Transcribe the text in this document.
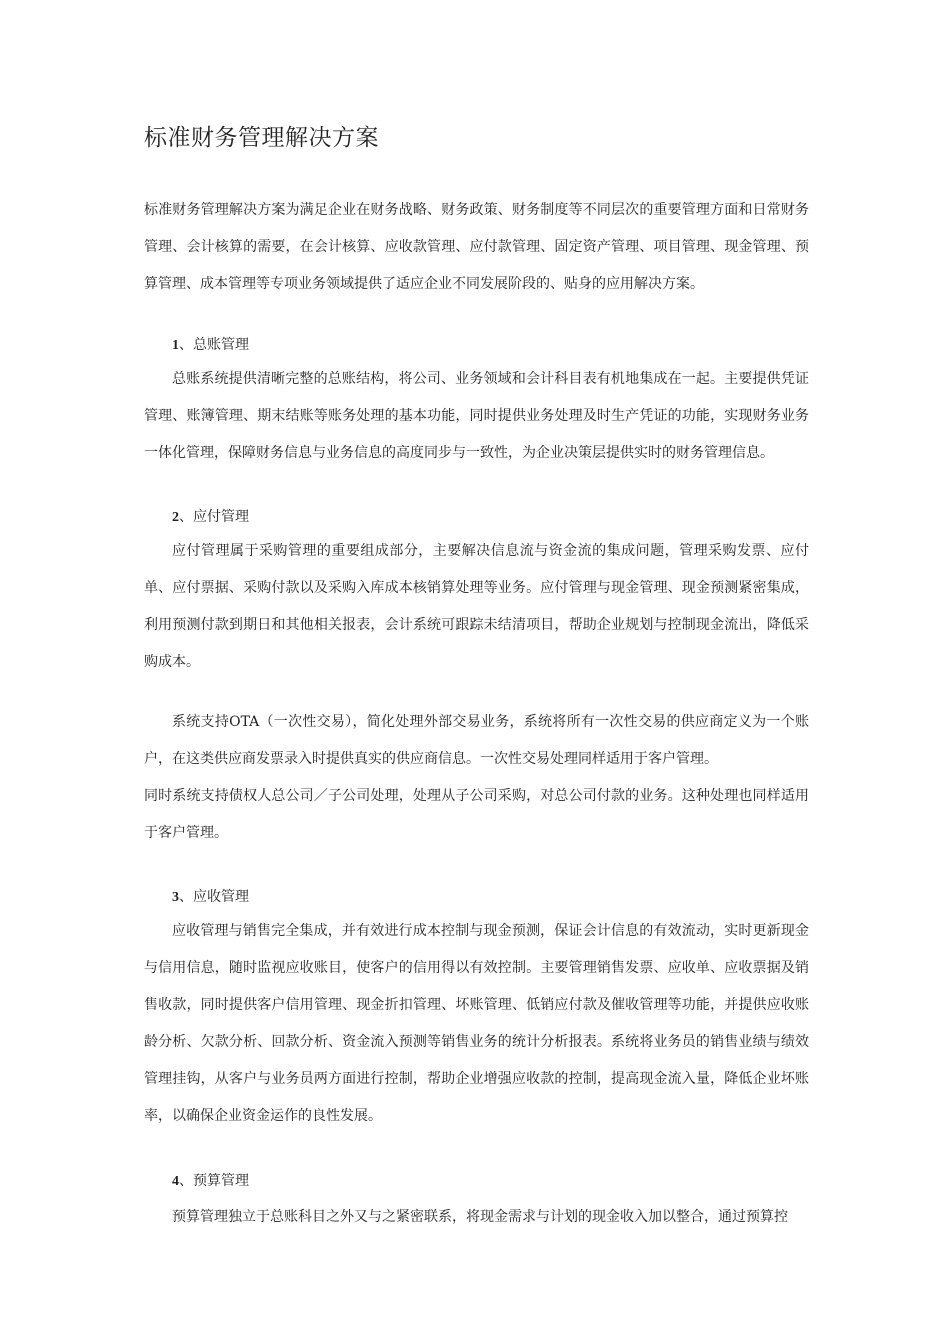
标准财务管理解决方案

标准财务管理解决方案为满足企业在财务战略、财务政策、财务制度等不同层次的重要管理方面和日常财务管理、会计核算的需要，在会计核算、应收款管理、应付款管理、固定资产管理、项目管理、现金管理、预算管理、成本管理等专项业务领域提供了适应企业不同发展阶段的、贴身的应用解决方案。

1、总账管理

总账系统提供清晰完整的总账结构，将公司、业务领域和会计科目表有机地集成在一起。主要提供凭证管理、账簿管理、期末结账等账务处理的基本功能，同时提供业务处理及时生产凭证的功能，实现财务业务一体化管理，保障财务信息与业务信息的高度同步与一致性，为企业决策层提供实时的财务管理信息。

2、应付管理

应付管理属于采购管理的重要组成部分，主要解决信息流与资金流的集成问题，管理采购发票、应付单、应付票据、采购付款以及采购入库成本核销算处理等业务。应付管理与现金管理、现金预测紧密集成，利用预测付款到期日和其他相关报表，会计系统可跟踪未结清项目，帮助企业规划与控制现金流出，降低采购成本。

系统支持OTA（一次性交易），简化处理外部交易业务，系统将所有一次性交易的供应商定义为一个账户，在这类供应商发票录入时提供真实的供应商信息。一次性交易处理同样适用于客户管理。

同时系统支持债权人总公司／子公司处理，处理从子公司采购，对总公司付款的业务。这种处理也同样适用于客户管理。

3、应收管理

应收管理与销售完全集成，并有效进行成本控制与现金预测，保证会计信息的有效流动，实时更新现金与信用信息，随时监视应收账目，使客户的信用得以有效控制。主要管理销售发票、应收单、应收票据及销售收款，同时提供客户信用管理、现金折扣管理、坏账管理、低销应付款及催收管理等功能，并提供应收账龄分析、欠款分析、回款分析、资金流入预测等销售业务的统计分析报表。系统将业务员的销售业绩与绩效管理挂钩，从客户与业务员两方面进行控制，帮助企业增强应收款的控制，提高现金流入量，降低企业坏账率，以确保企业资金运作的良性发展。

4、预算管理

预算管理独立于总账科目之外又与之紧密联系，将现金需求与计划的现金收入加以整合，通过预算控
